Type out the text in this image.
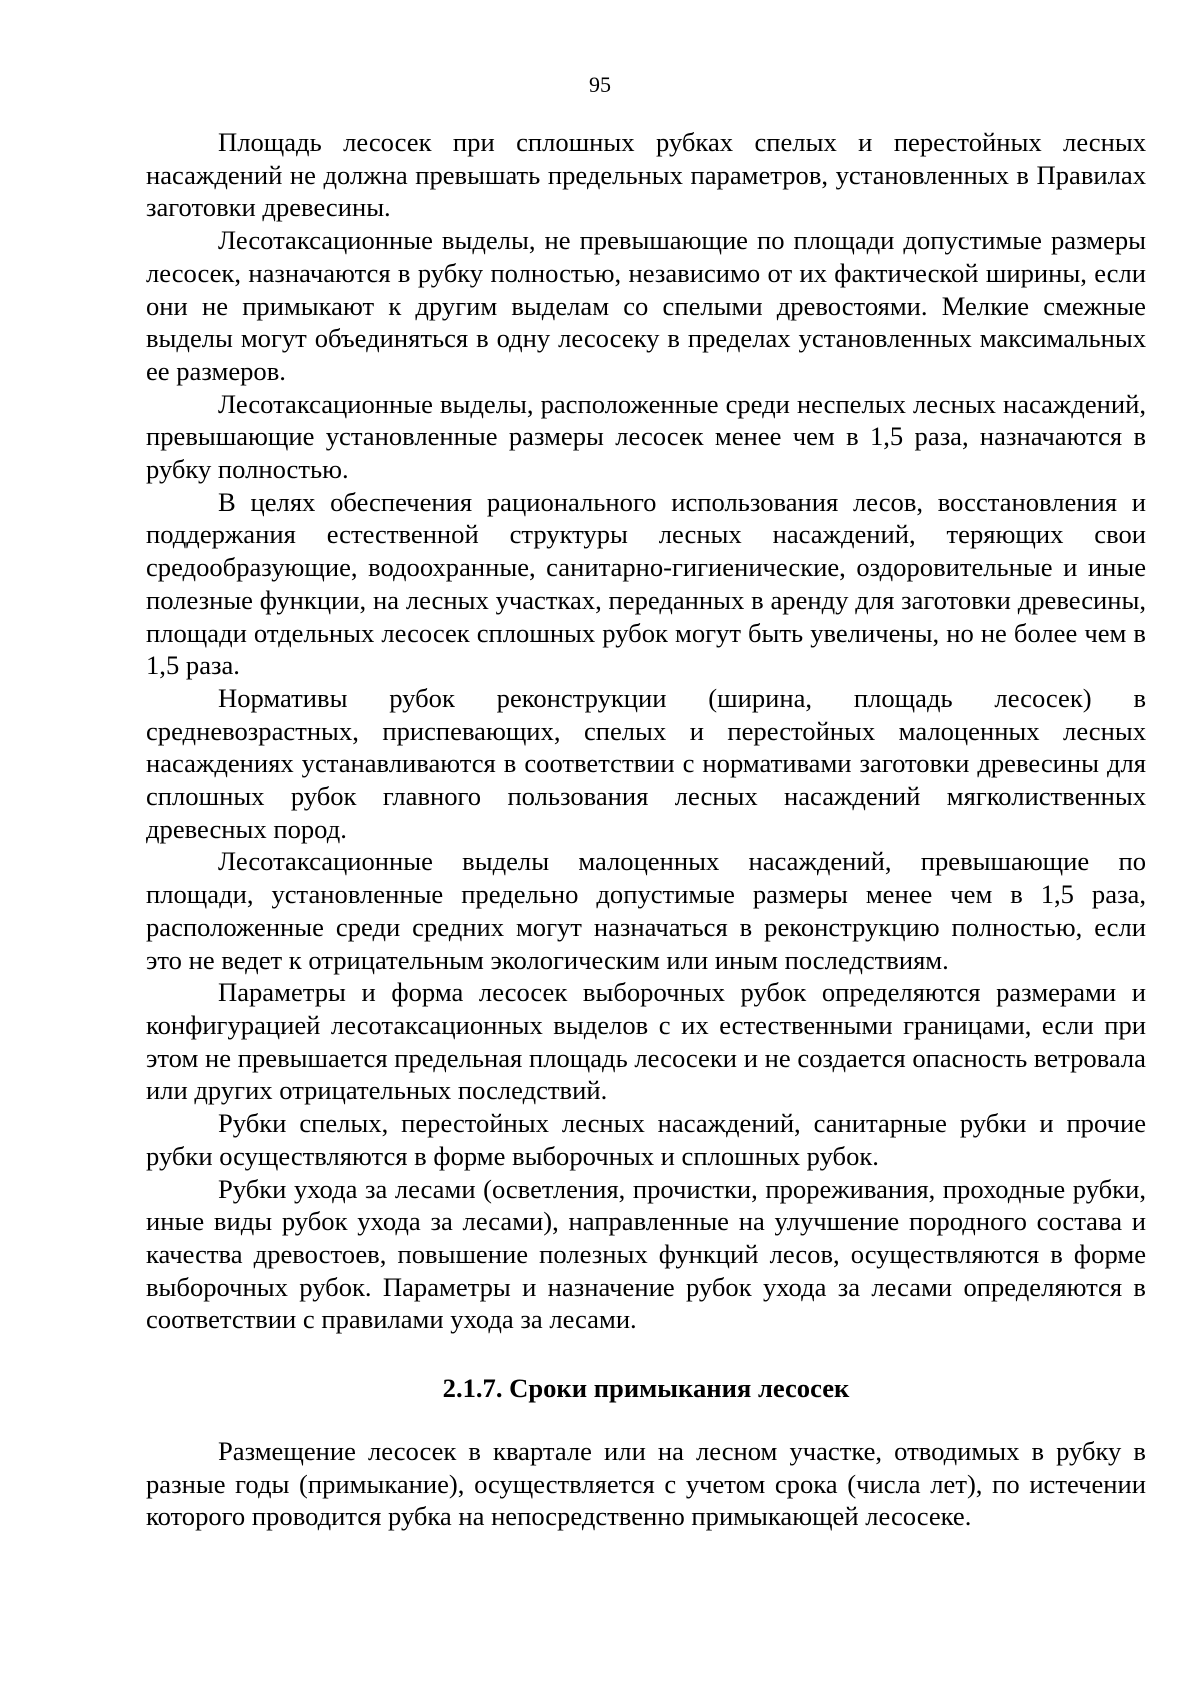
95

Площадь лесосек при сплошных рубках спелых и перестойных лесных насаждений не должна превышать предельных параметров, установленных в Правилах заготовки древесины.

Лесотаксационные выделы, не превышающие по площади допустимые размеры лесосек, назначаются в рубку полностью, независимо от их фактической ширины, если они не примыкают к другим выделам со спелыми древостоями. Мелкие смежные выделы могут объединяться в одну лесосеку в пределах установленных максимальных ее размеров.

Лесотаксационные выделы, расположенные среди неспелых лесных насаждений, превышающие установленные размеры лесосек менее чем в 1,5 раза, назначаются в рубку полностью.

В целях обеспечения рационального использования лесов, восстановления и поддержания естественной структуры лесных насаждений, теряющих свои средообразующие, водоохранные, санитарно-гигиенические, оздоровительные и иные полезные функции, на лесных участках, переданных в аренду для заготовки древесины, площади отдельных лесосек сплошных рубок могут быть увеличены, но не более чем в 1,5 раза.

Нормативы рубок реконструкции (ширина, площадь лесосек) в средневозрастных, приспевающих, спелых и перестойных малоценных лесных насаждениях устанавливаются в соответствии с нормативами заготовки древесины для сплошных рубок главного пользования лесных насаждений мягколиственных древесных пород.

Лесотаксационные выделы малоценных насаждений, превышающие по площади, установленные предельно допустимые размеры менее чем в 1,5 раза, расположенные среди средних могут назначаться в реконструкцию полностью, если это не ведет к отрицательным экологическим или иным последствиям.

Параметры и форма лесосек выборочных рубок определяются размерами и конфигурацией лесотаксационных выделов с их естественными границами, если при этом не превышается предельная площадь лесосеки и не создается опасность ветровала или других отрицательных последствий.

Рубки спелых, перестойных лесных насаждений, санитарные рубки и прочие рубки осуществляются в форме выборочных и сплошных рубок.

Рубки ухода за лесами (осветления, прочистки, прореживания, проходные рубки, иные виды рубок ухода за лесами), направленные на улучшение породного состава и качества древостоев, повышение полезных функций лесов, осуществляются в форме выборочных рубок. Параметры и назначение рубок ухода за лесами определяются в соответствии с правилами ухода за лесами.

2.1.7. Сроки примыкания лесосек

Размещение лесосек в квартале или на лесном участке, отводимых в рубку в разные годы (примыкание), осуществляется с учетом срока (числа лет), по истечении которого проводится рубка на непосредственно примыкающей лесосеке.
